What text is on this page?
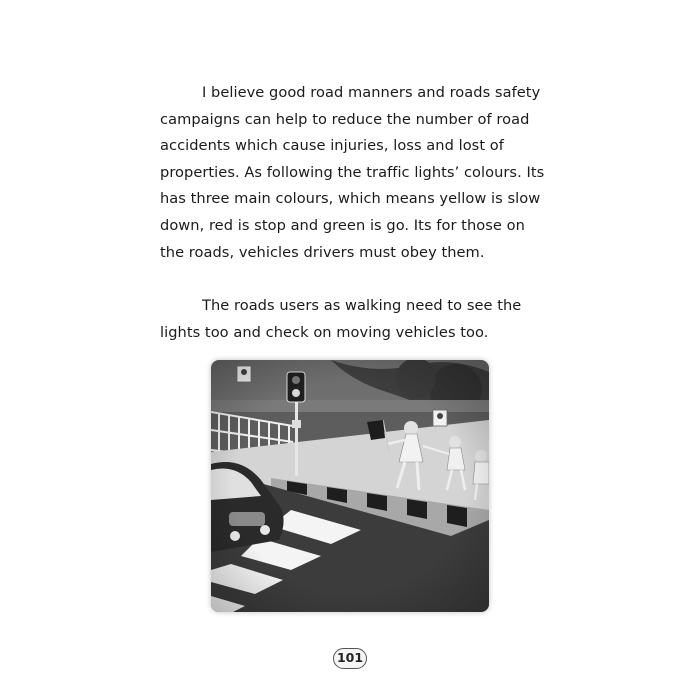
I believe good road manners and roads safety campaigns can help to reduce the number of road accidents which cause injuries, loss and lost of properties. As following the traffic lights’ colours. Its has three main colours, which means yellow is slow down, red is stop and green is go. Its for those on the roads, vehicles drivers must obey them.

The roads users as walking need to see the lights too and check on moving vehicles too.

101
